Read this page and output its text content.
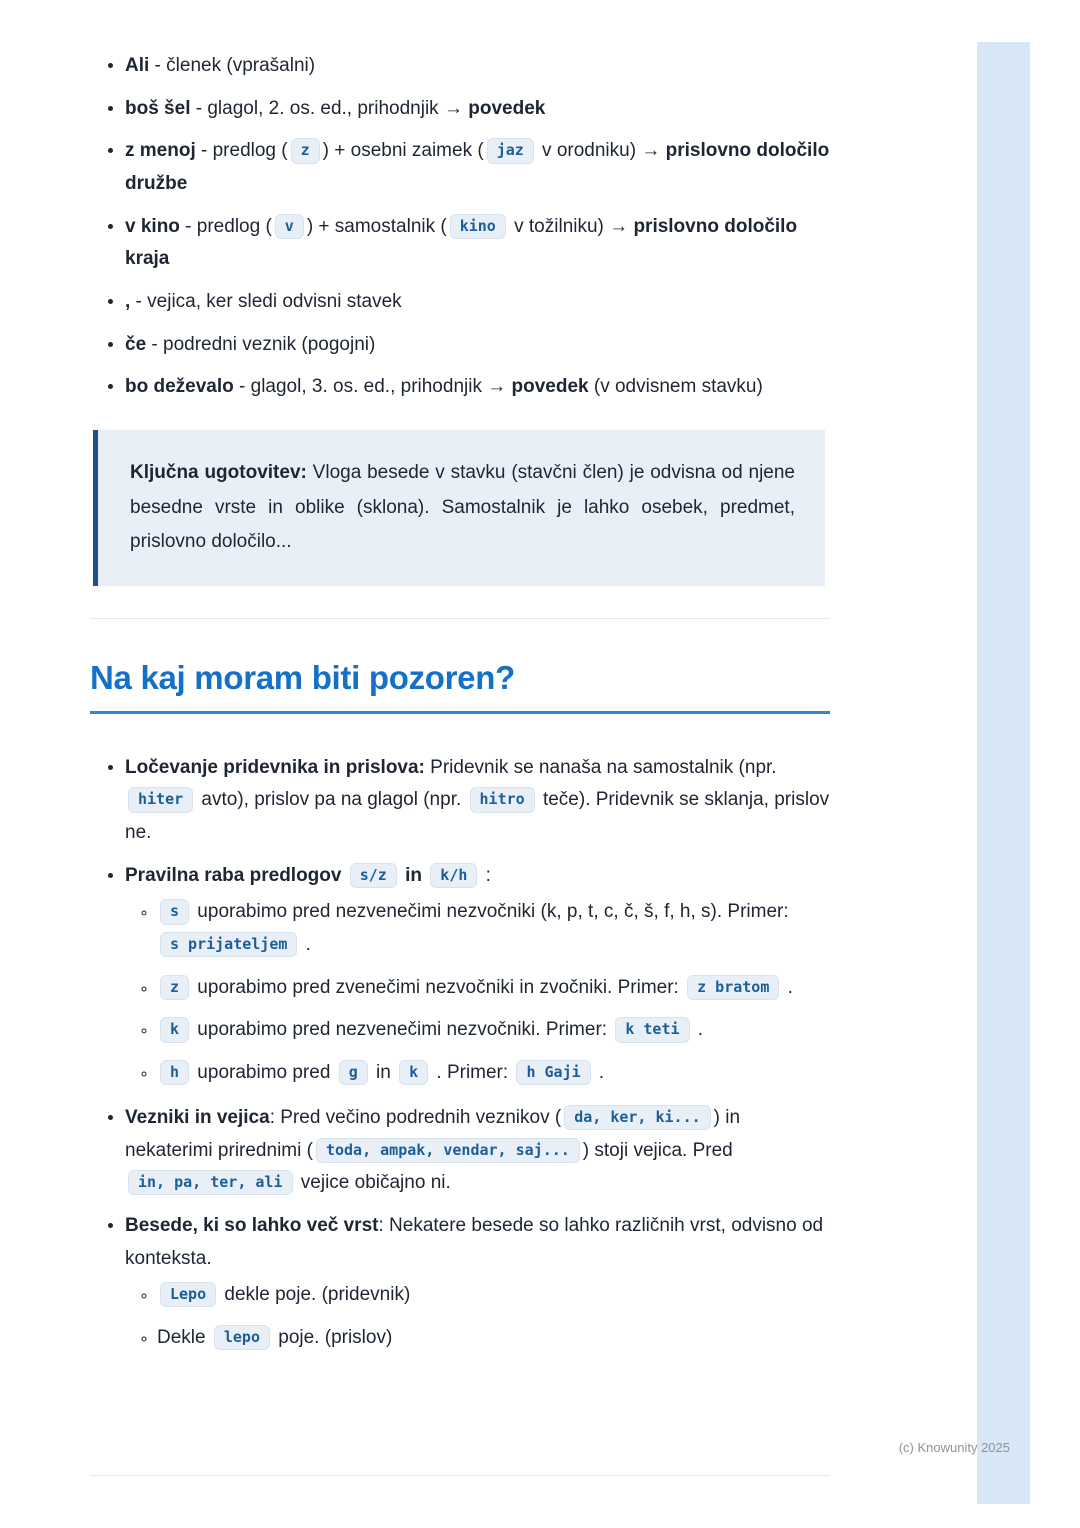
• Ali - členek (vprašalni)
• boš šel - glagol, 2. os. ed., prihodnjik → povedek
• z menoj - predlog ( z ) + osebni zaimek ( jaz v orodniku) → prislovno določilo družbe
• v kino - predlog ( v ) + samostalnik ( kino v tožilniku) → prislovno določilo kraja
• , - vejica, ker sledi odvisni stavek
• če - podredni veznik (pogojni)
• bo deževalo - glagol, 3. os. ed., prihodnjik → povedek (v odvisnem stavku)
Ključna ugotovitev: Vloga besede v stavku (stavčni člen) je odvisna od njene besedne vrste in oblike (sklona). Samostalnik je lahko osebek, predmet, prislovno določilo...
Na kaj moram biti pozoren?
• Ločevanje pridevnika in prislova: Pridevnik se nanaša na samostalnik (npr. hiter avto), prislov pa na glagol (npr. hitro teče). Pridevnik se sklanja, prislov ne.
• Pravilna raba predlogov s/z in k/h :
◦ s uporabimo pred nezvenečimi nezvočniki (k, p, t, c, č, š, f, h, s). Primer: s prijateljem .
◦ z uporabimo pred zvenečimi nezvočniki in zvočniki. Primer: z bratom .
◦ k uporabimo pred nezvenečimi nezvočniki. Primer: k teti .
◦ h uporabimo pred g in k . Primer: h Gaji .
• Vezniki in vejica: Pred večino podrednih veznikov ( da, ker, ki... ) in nekaterimi prirednimi ( toda, ampak, vendar, saj... ) stoji vejica. Pred in, pa, ter, ali vejice običajno ni.
• Besede, ki so lahko več vrst: Nekatere besede so lahko različnih vrst, odvisno od konteksta.
◦ Lepo dekle poje. (pridevnik)
◦ Dekle lepo poje. (prislov)
(c) Knowunity 2025
